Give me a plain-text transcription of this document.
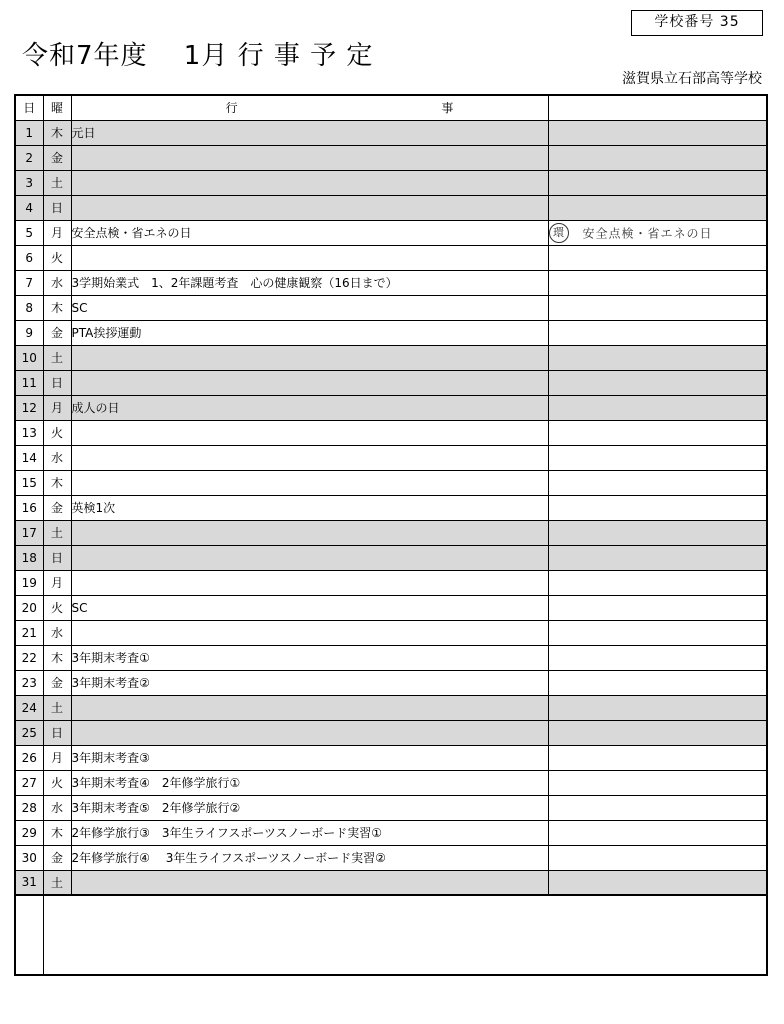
学校番号 35
令和7年度　 1月 行 事 予 定
滋賀県立石部高等学校
日	曜	行 事	
1	木	元日	
2	金		
3	土		
4	日		
5	月	安全点検・省エネの日	環 安全点検・省エネの日
6	火		
7	水	3学期始業式　1、2年課題考査　心の健康観察（16日まで）	
8	木	SC	
9	金	PTA挨拶運動	
10	土		
11	日		
12	月	成人の日	
13	火		
14	水		
15	木		
16	金	英検1次	
17	土		
18	日		
19	月		
20	火	SC	
21	水		
22	木	3年期末考査①	
23	金	3年期末考査②	
24	土		
25	日		
26	月	3年期末考査③	
27	火	3年期末考査④　2年修学旅行①	
28	水	3年期末考査⑤　2年修学旅行②	
29	木	2年修学旅行③　3年生ライフスポーツスノーボード実習①	
30	金	2年修学旅行④　 3年生ライフスポーツスノーボード実習②	
31	土		
